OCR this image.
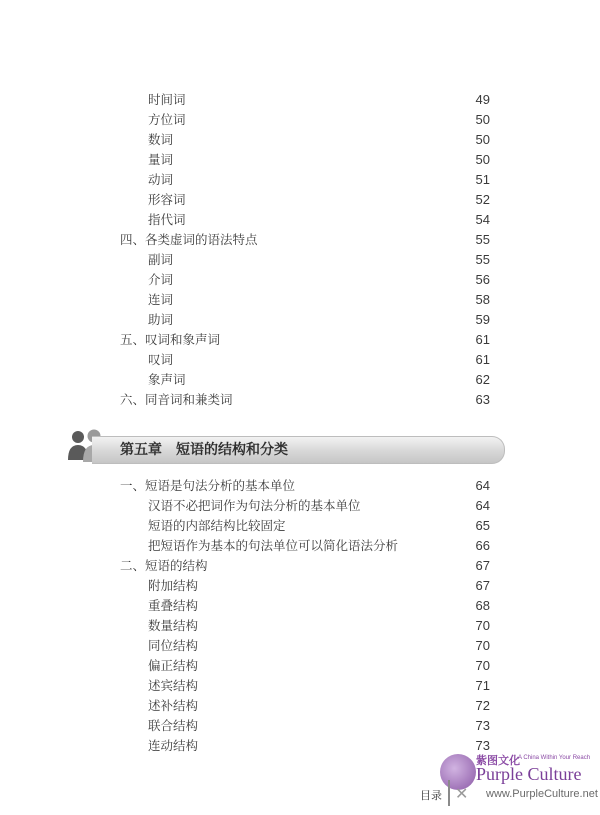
时间词	49
方位词	50
数词	50
量词	50
动词	51
形容词	52
指代词	54
四、各类虚词的语法特点	55
副词	55
介词	56
连词	58
助词	59
五、叹词和象声词	61
叹词	61
象声词	62
六、同音词和兼类词	63
第五章 短语的结构和分类
一、短语是句法分析的基本单位	64
汉语不必把词作为句法分析的基本单位	64
短语的内部结构比较固定	65
把短语作为基本的句法单位可以简化语法分析	66
二、短语的结构	67
附加结构	67
重叠结构	68
数量结构	70
同位结构	70
偏正结构	70
述宾结构	71
述补结构	72
联合结构	73
连动结构	73
紫图文化
A China Within Your Reach
Purple Culture
www.PurpleCulture.net
目录 ✕
